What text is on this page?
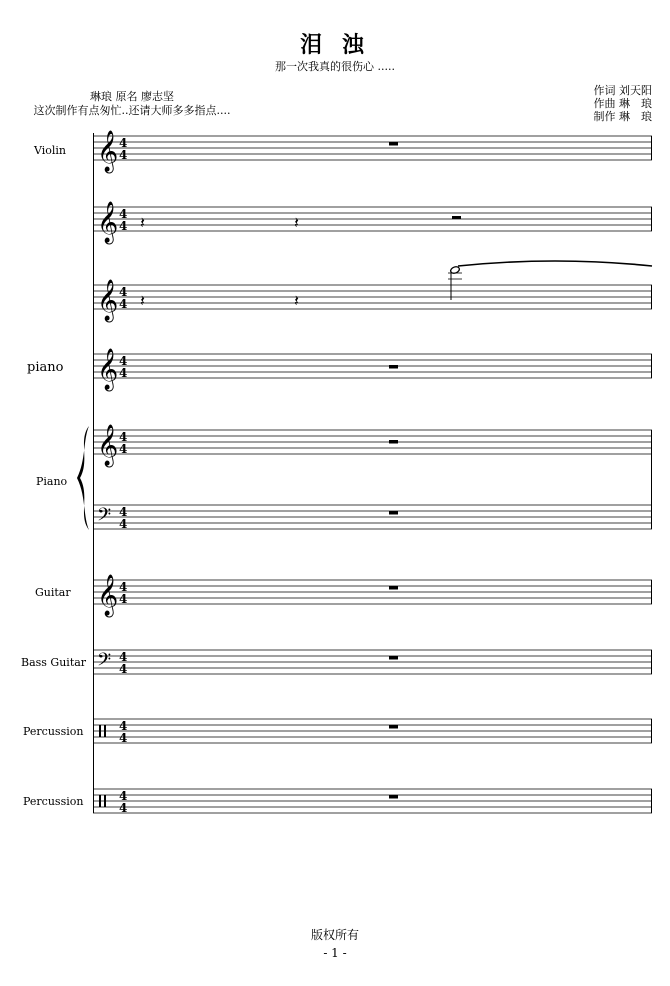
泪 浊
那一次我真的很伤心 .....
琳琅 原名 廖志坚
这次制作有点匆忙..还请大师多多指点....
作词 刘天阳
作曲 琳　琅
制作 琳　琅
Violin
piano
Piano
Guitar
Bass Guitar
Percussion
Percussion
𝄞 4
4
𝄞 4
4 𝄽	𝄽
𝄞 4
4 𝄽	𝄽
𝄞 4
4
𝄞 4
4
𝄢 4
4
𝄞 4
4
𝄢 4
4
4
4
4
4
版权所有
- 1 -
